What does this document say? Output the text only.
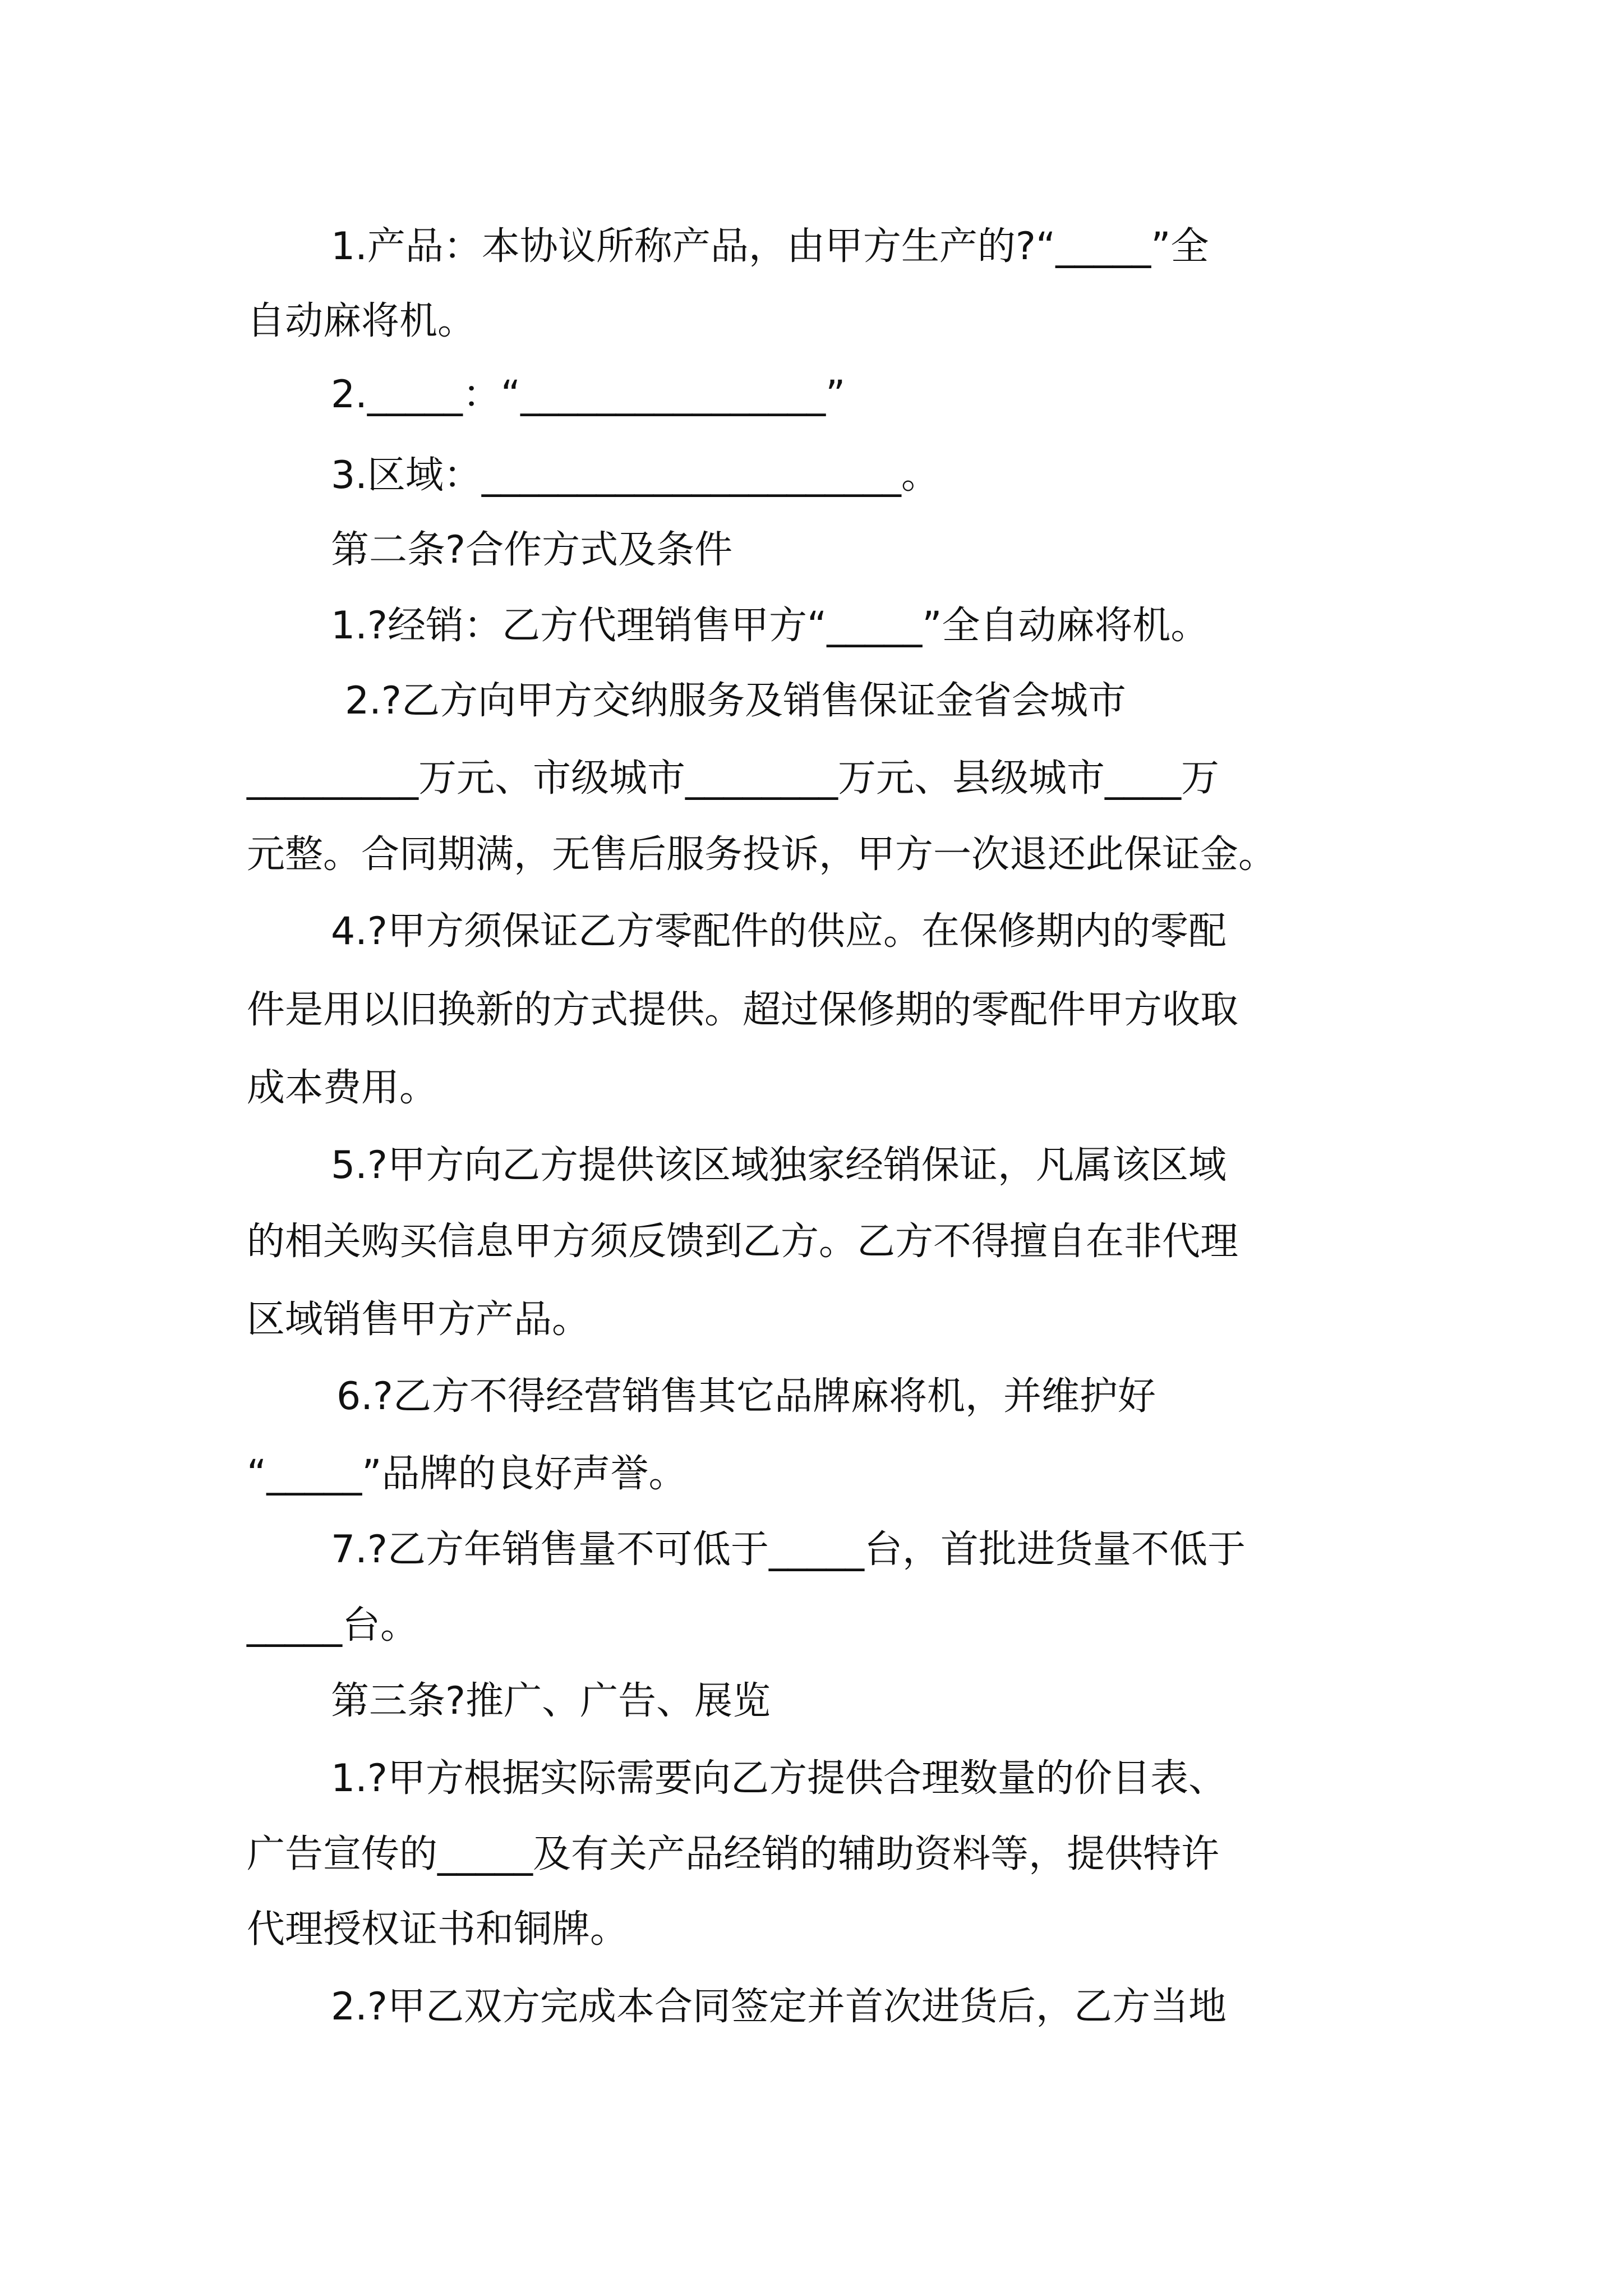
1.产品：本协议所称产品，由甲方生产的?“_____”全
自动麻将机。
2._____：“________________”
3.区域：______________________。
第二条?合作方式及条件
1.?经销：乙方代理销售甲方“_____”全自动麻将机。
2.?乙方向甲方交纳服务及销售保证金省会城市
_________万元、市级城市________万元、县级城市____万
元整。合同期满，无售后服务投诉，甲方一次退还此保证金。
4.?甲方须保证乙方零配件的供应。在保修期内的零配
件是用以旧换新的方式提供。超过保修期的零配件甲方收取
成本费用。
5.?甲方向乙方提供该区域独家经销保证，凡属该区域
的相关购买信息甲方须反馈到乙方。乙方不得擅自在非代理
区域销售甲方产品。
6.?乙方不得经营销售其它品牌麻将机，并维护好
“_____”品牌的良好声誉。
7.?乙方年销售量不可低于_____台，首批进货量不低于
_____台。
第三条?推广、广告、展览
1.?甲方根据实际需要向乙方提供合理数量的价目表、
广告宣传的_____及有关产品经销的辅助资料等，提供特许
代理授权证书和铜牌。
2.?甲乙双方完成本合同签定并首次进货后，乙方当地
